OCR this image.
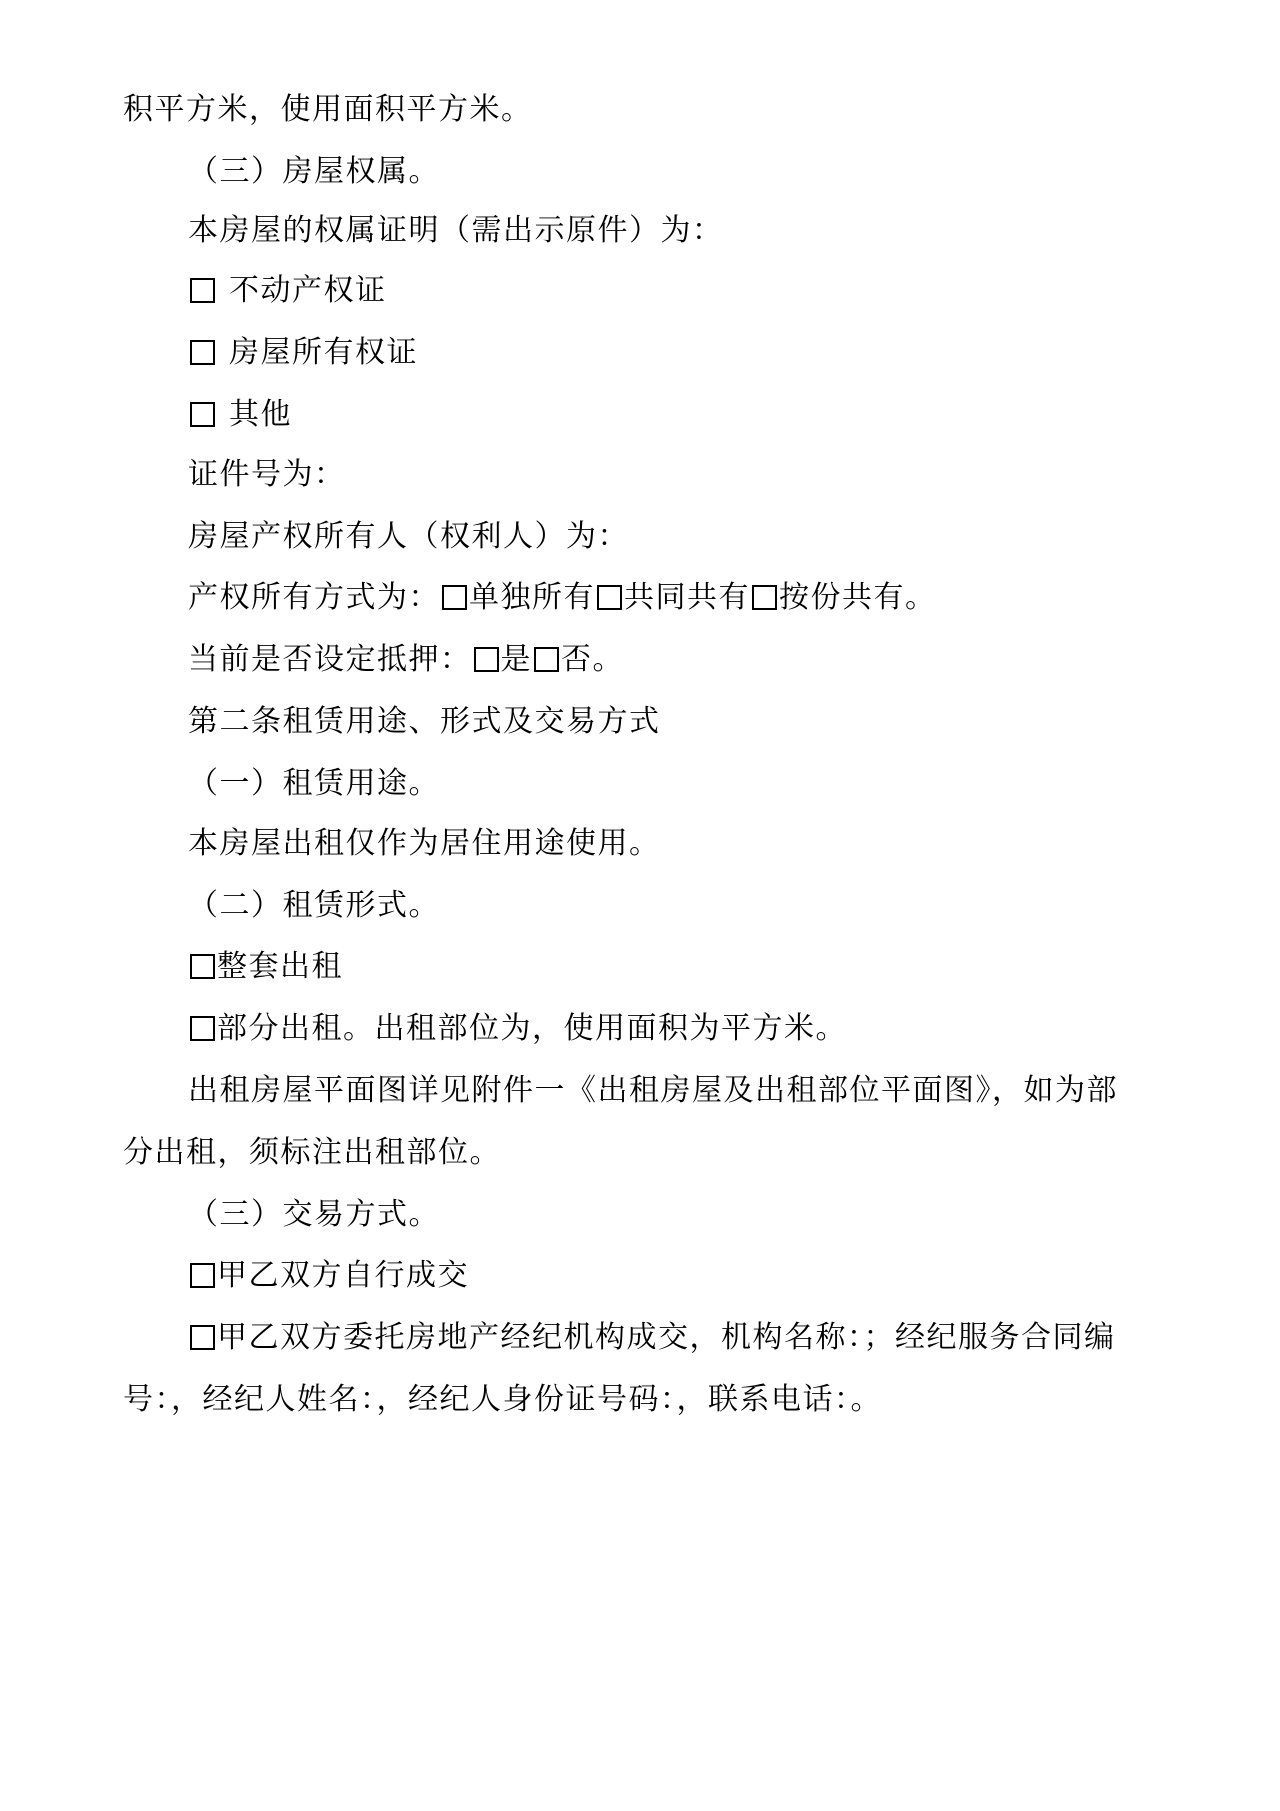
积平方米，使用面积平方米。
（三）房屋权属。
本房屋的权属证明（需出示原件）为：
不动产权证
房屋所有权证
其他
证件号为：
房屋产权所有人（权利人）为：
产权所有方式为： 单独所有 共同共有 按份共有。
当前是否设定抵押： 是 否。
第二条租赁用途、形式及交易方式
（一）租赁用途。
本房屋出租仅作为居住用途使用。
（二）租赁形式。
整套出租
部分出租。出租部位为，使用面积为平方米。
出租房屋平面图详见附件一《出租房屋及出租部位平面图》，如为部
分出租，须标注出租部位。
（三）交易方式。
甲乙双方自行成交
甲乙双方委托房地产经纪机构成交，机构名称：；经纪服务合同编
号：，经纪人姓名：，经纪人身份证号码：，联系电话：。
